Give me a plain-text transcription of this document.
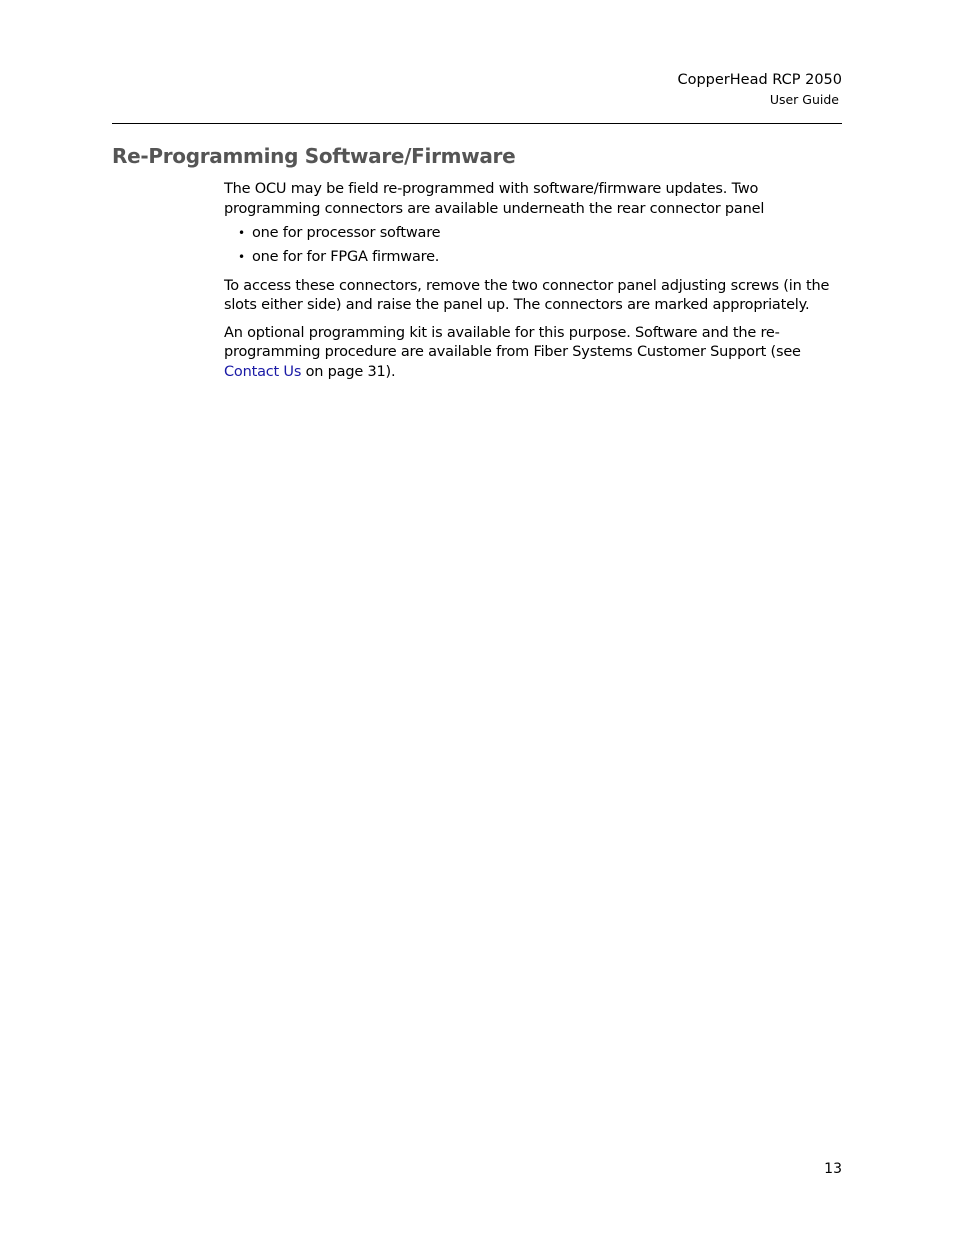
CopperHead RCP 2050
User Guide
Re-Programming Software/Firmware

The OCU may be field re-programmed with software/firmware updates. Two programming connectors are available underneath the rear connector panel

• one for processor software
• one for for FPGA firmware.

To access these connectors, remove the two connector panel adjusting screws (in the slots either side) and raise the panel up. The connectors are marked appropriately.

An optional programming kit is available for this purpose. Software and the re-programming procedure are available from Fiber Systems Customer Support (see Contact Us on page 31).

13
